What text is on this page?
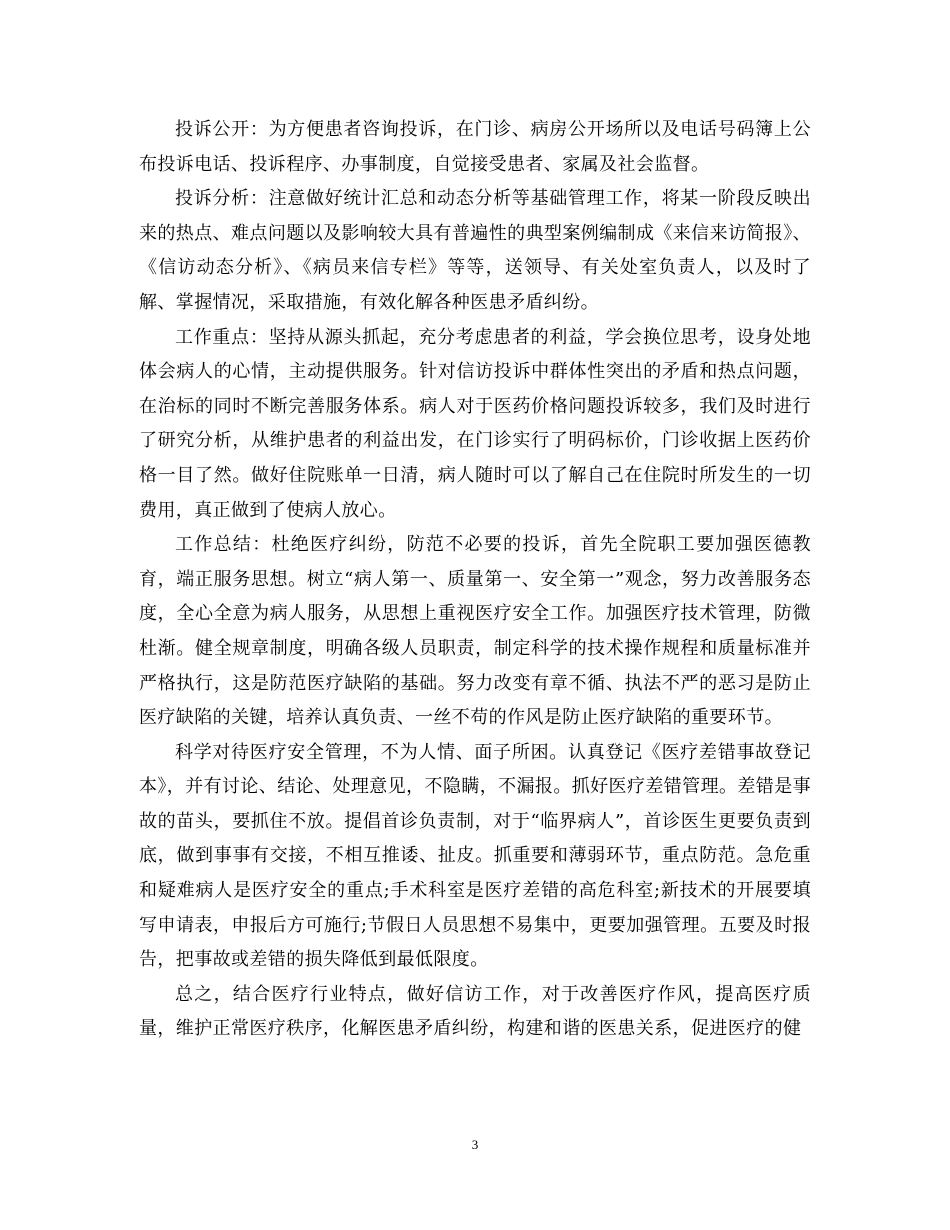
投诉公开：为方便患者咨询投诉，在门诊、病房公开场所以及电话号码簿上公布投诉电话、投诉程序、办事制度，自觉接受患者、家属及社会监督。

投诉分析：注意做好统计汇总和动态分析等基础管理工作，将某一阶段反映出来的热点、难点问题以及影响较大具有普遍性的典型案例编制成《来信来访简报》、《信访动态分析》、《病员来信专栏》等等，送领导、有关处室负责人，以及时了解、掌握情况，采取措施，有效化解各种医患矛盾纠纷。

工作重点：坚持从源头抓起，充分考虑患者的利益，学会换位思考，设身处地体会病人的心情，主动提供服务。针对信访投诉中群体性突出的矛盾和热点问题，在治标的同时不断完善服务体系。病人对于医药价格问题投诉较多，我们及时进行了研究分析，从维护患者的利益出发，在门诊实行了明码标价，门诊收据上医药价格一目了然。做好住院账单一日清，病人随时可以了解自己在住院时所发生的一切费用，真正做到了使病人放心。

工作总结：杜绝医疗纠纷，防范不必要的投诉，首先全院职工要加强医德教育，端正服务思想。树立“病人第一、质量第一、安全第一”观念，努力改善服务态度，全心全意为病人服务，从思想上重视医疗安全工作。加强医疗技术管理，防微杜渐。健全规章制度，明确各级人员职责，制定科学的技术操作规程和质量标准并严格执行，这是防范医疗缺陷的基础。努力改变有章不循、执法不严的恶习是防止医疗缺陷的关键，培养认真负责、一丝不苟的作风是防止医疗缺陷的重要环节。

科学对待医疗安全管理，不为人情、面子所困。认真登记《医疗差错事故登记本》，并有讨论、结论、处理意见，不隐瞒，不漏报。抓好医疗差错管理。差错是事故的苗头，要抓住不放。提倡首诊负责制，对于“临界病人”，首诊医生更要负责到底，做到事事有交接，不相互推诿、扯皮。抓重要和薄弱环节，重点防范。急危重和疑难病人是医疗安全的重点;手术科室是医疗差错的高危科室;新技术的开展要填写申请表，申报后方可施行;节假日人员思想不易集中，更要加强管理。五要及时报告，把事故或差错的损失降低到最低限度。

总之，结合医疗行业特点，做好信访工作，对于改善医疗作风，提高医疗质量，维护正常医疗秩序，化解医患矛盾纠纷，构建和谐的医患关系，促进医疗的健

3
